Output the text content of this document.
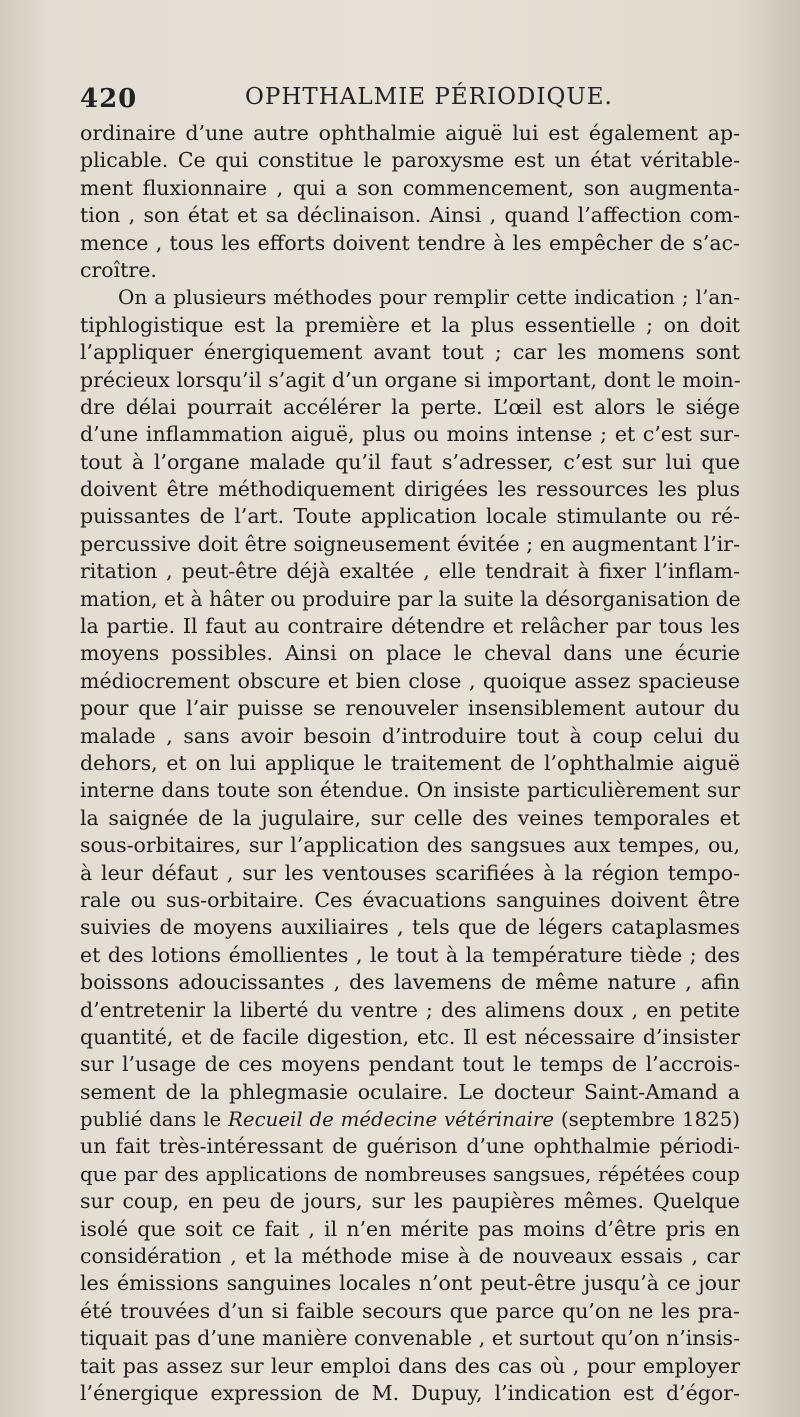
420	OPHTHALMIE PÉRIODIQUE.
ordinaire d’une autre ophthalmie aiguë lui est également ap-
plicable. Ce qui constitue le paroxysme est un état véritable-
ment fluxionnaire , qui a son commencement, son augmenta-
tion , son état et sa déclinaison. Ainsi , quand l’affection com-
mence , tous les efforts doivent tendre à les empêcher de s’ac-
croître.
On a plusieurs méthodes pour remplir cette indication ; l’an-
tiphlogistique est la première et la plus essentielle ; on doit
l’appliquer énergiquement avant tout ; car les momens sont
précieux lorsqu’il s’agit d’un organe si important, dont le moin-
dre délai pourrait accélérer la perte. L’œil est alors le siége
d’une inflammation aiguë, plus ou moins intense ; et c’est sur-
tout à l’organe malade qu’il faut s’adresser, c’est sur lui que
doivent être méthodiquement dirigées les ressources les plus
puissantes de l’art. Toute application locale stimulante ou ré-
percussive doit être soigneusement évitée ; en augmentant l’ir-
ritation , peut-être déjà exaltée , elle tendrait à fixer l’inflam-
mation, et à hâter ou produire par la suite la désorganisation de
la partie. Il faut au contraire détendre et relâcher par tous les
moyens possibles. Ainsi on place le cheval dans une écurie
médiocrement obscure et bien close , quoique assez spacieuse
pour que l’air puisse se renouveler insensiblement autour du
malade , sans avoir besoin d’introduire tout à coup celui du
dehors, et on lui applique le traitement de l’ophthalmie aiguë
interne dans toute son étendue. On insiste particulièrement sur
la saignée de la jugulaire, sur celle des veines temporales et
sous-orbitaires, sur l’application des sangsues aux tempes, ou,
à leur défaut , sur les ventouses scarifiées à la région tempo-
rale ou sus-orbitaire. Ces évacuations sanguines doivent être
suivies de moyens auxiliaires , tels que de légers cataplasmes
et des lotions émollientes , le tout à la température tiède ; des
boissons adoucissantes , des lavemens de même nature , afin
d’entretenir la liberté du ventre ; des alimens doux , en petite
quantité, et de facile digestion, etc. Il est nécessaire d’insister
sur l’usage de ces moyens pendant tout le temps de l’accrois-
sement de la phlegmasie oculaire. Le docteur Saint-Amand a
publié dans le Recueil de médecine vétérinaire (septembre 1825)
un fait très-intéressant de guérison d’une ophthalmie périodi-
que par des applications de nombreuses sangsues, répétées coup
sur coup, en peu de jours, sur les paupières mêmes. Quelque
isolé que soit ce fait , il n’en mérite pas moins d’être pris en
considération , et la méthode mise à de nouveaux essais , car
les émissions sanguines locales n’ont peut-être jusqu’à ce jour
été trouvées d’un si faible secours que parce qu’on ne les pra-
tiquait pas d’une manière convenable , et surtout qu’on n’insis-
tait pas assez sur leur emploi dans des cas où , pour employer
l’énergique expression de M. Dupuy, l’indication est d’égor-
